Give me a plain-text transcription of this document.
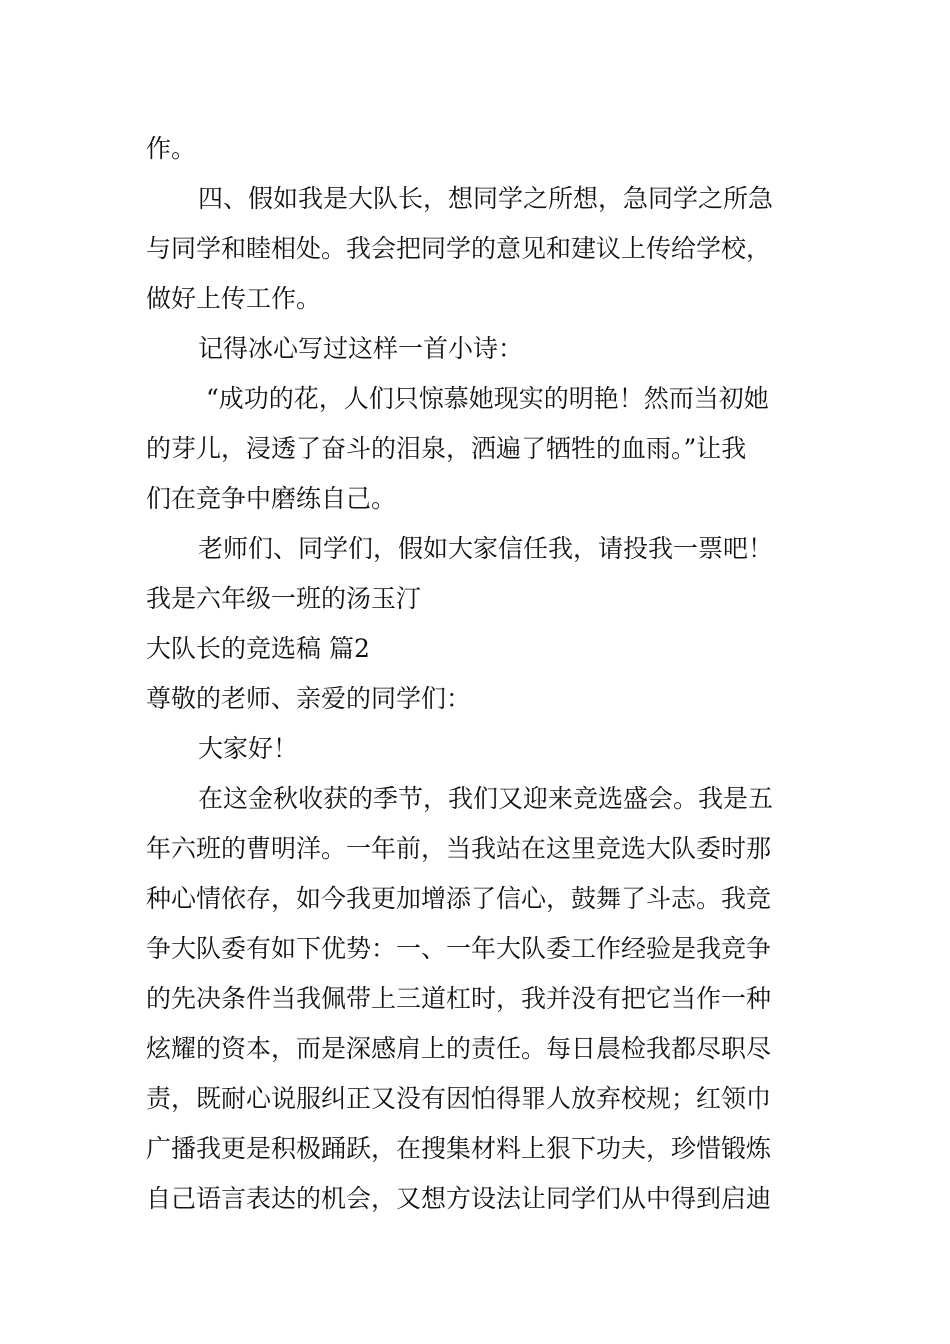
作。
四、假如我是大队长，想同学之所想，急同学之所急
与同学和睦相处。我会把同学的意见和建议上传给学校，
做好上传工作。
记得冰心写过这样一首小诗：
“成功的花，人们只惊慕她现实的明艳！然而当初她
的芽儿，浸透了奋斗的泪泉，洒遍了牺牲的血雨。”让我
们在竞争中磨练自己。
老师们、同学们，假如大家信任我，请投我一票吧！
我是六年级一班的汤玉汀
大队长的竞选稿 篇2
尊敬的老师、亲爱的同学们：
大家好！
在这金秋收获的季节，我们又迎来竞选盛会。我是五
年六班的曹明洋。一年前，当我站在这里竞选大队委时那
种心情依存，如今我更加增添了信心，鼓舞了斗志。我竞
争大队委有如下优势：一、一年大队委工作经验是我竞争
的先决条件当我佩带上三道杠时，我并没有把它当作一种
炫耀的资本，而是深感肩上的责任。每日晨检我都尽职尽
责，既耐心说服纠正又没有因怕得罪人放弃校规；红领巾
广播我更是积极踊跃，在搜集材料上狠下功夫，珍惜锻炼
自己语言表达的机会，又想方设法让同学们从中得到启迪
